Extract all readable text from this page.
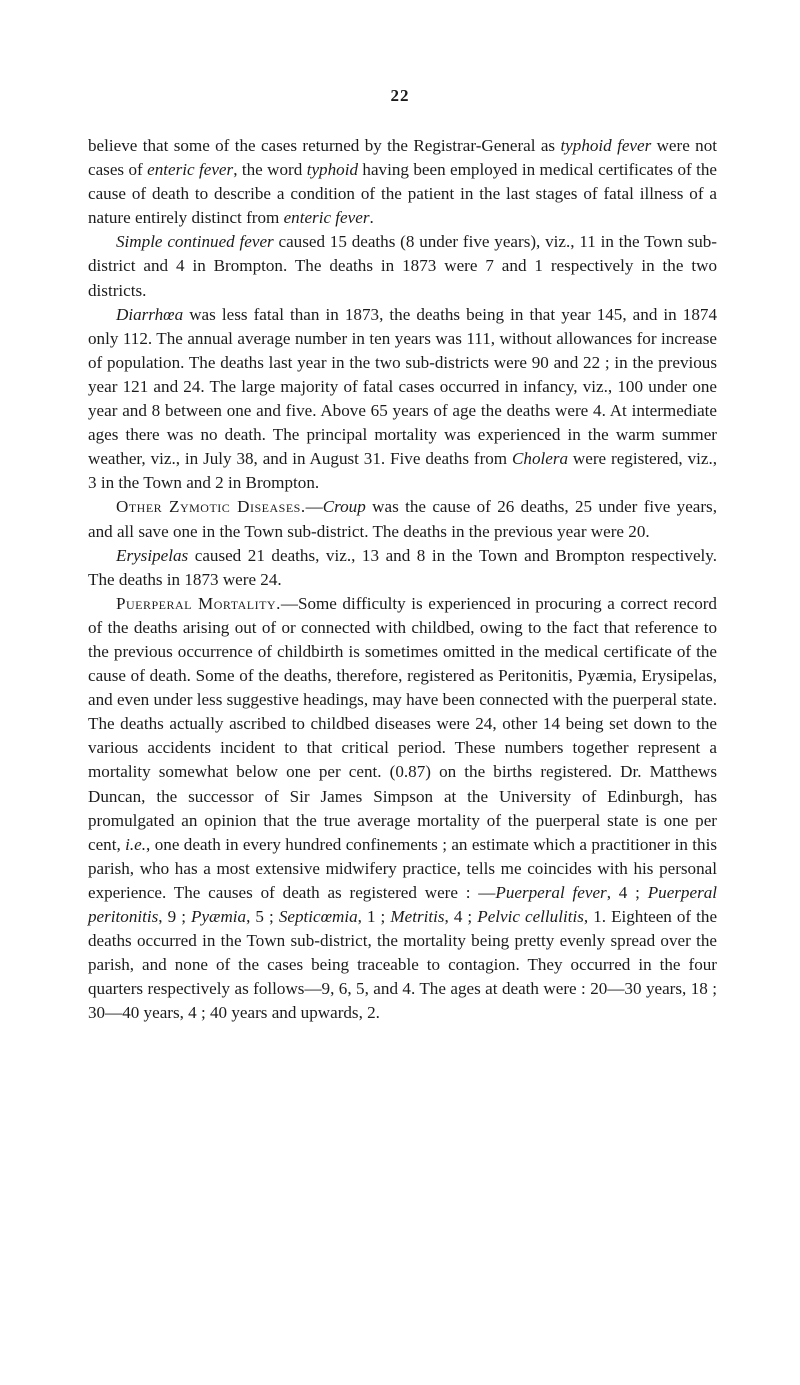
22

believe that some of the cases returned by the Registrar-General as typhoid fever were not cases of enteric fever, the word typhoid having been employed in medical certificates of the cause of death to describe a condition of the patient in the last stages of fatal illness of a nature entirely distinct from enteric fever.

Simple continued fever caused 15 deaths (8 under five years), viz., 11 in the Town sub-district and 4 in Brompton. The deaths in 1873 were 7 and 1 respectively in the two districts.

Diarrhœa was less fatal than in 1873, the deaths being in that year 145, and in 1874 only 112. The annual average number in ten years was 111, without allowances for increase of population. The deaths last year in the two sub-districts were 90 and 22 ; in the previous year 121 and 24. The large majority of fatal cases occurred in infancy, viz., 100 under one year and 8 between one and five. Above 65 years of age the deaths were 4. At intermediate ages there was no death. The principal mortality was experienced in the warm summer weather, viz., in July 38, and in August 31. Five deaths from Cholera were registered, viz., 3 in the Town and 2 in Brompton.

Other Zymotic Diseases.—Croup was the cause of 26 deaths, 25 under five years, and all save one in the Town sub-district. The deaths in the previous year were 20.

Erysipelas caused 21 deaths, viz., 13 and 8 in the Town and Brompton respectively. The deaths in 1873 were 24.

Puerperal Mortality.—Some difficulty is experienced in procuring a correct record of the deaths arising out of or connected with childbed, owing to the fact that reference to the previous occurrence of childbirth is sometimes omitted in the medical certificate of the cause of death. Some of the deaths, therefore, registered as Peritonitis, Pyæmia, Erysipelas, and even under less suggestive headings, may have been connected with the puerperal state. The deaths actually ascribed to childbed diseases were 24, other 14 being set down to the various accidents incident to that critical period. These numbers together represent a mortality somewhat below one per cent. (0.87) on the births registered. Dr. Matthews Duncan, the successor of Sir James Simpson at the University of Edinburgh, has promulgated an opinion that the true average mortality of the puerperal state is one per cent, i.e., one death in every hundred confinements ; an estimate which a practitioner in this parish, who has a most extensive midwifery practice, tells me coincides with his personal experience. The causes of death as registered were : —Puerperal fever, 4 ; Puerperal peritonitis, 9 ; Pyæmia, 5 ; Septicœmia, 1 ; Metritis, 4 ; Pelvic cellulitis, 1. Eighteen of the deaths occurred in the Town sub-district, the mortality being pretty evenly spread over the parish, and none of the cases being traceable to contagion. They occurred in the four quarters respectively as follows—9, 6, 5, and 4. The ages at death were : 20—30 years, 18 ; 30—40 years, 4 ; 40 years and upwards, 2.
